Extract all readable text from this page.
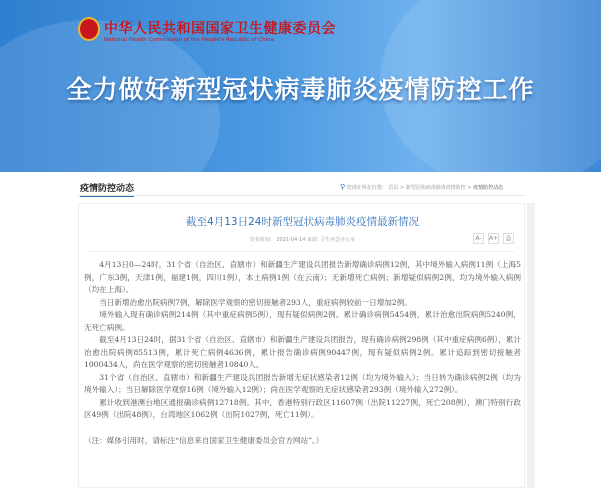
中华人民共和国国家卫生健康委员会
National Health Commission of the People's Republic of China
全力做好新型冠状病毒肺炎疫情防控工作
疫情防控动态	⚲ 您现在所在位置： 首页 > 新型冠状病毒肺炎疫情防控 > 疫情防控动态
截至4月13日24时新型冠状病毒肺炎疫情最新情况
发布时间： 2021-04-14 来源: 卫生应急办公室	A-	A+	⎙

4月13日0—24时，31个省（自治区、直辖市）和新疆生产建设兵团报告新增确诊病例12例，其中境外输入病例11例（上海5例，广东3例，天津1例，福建1例，四川1例），本土病例1例（在云南）；无新增死亡病例；新增疑似病例2例，均为境外输入病例（均在上海）。

当日新增治愈出院病例7例，解除医学观察的密切接触者293人，重症病例较前一日增加2例。

境外输入现有确诊病例214例（其中重症病例5例），现有疑似病例2例。累计确诊病例5454例，累计治愈出院病例5240例，无死亡病例。

截至4月13日24时，据31个省（自治区、直辖市）和新疆生产建设兵团报告，现有确诊病例298例（其中重症病例6例），累计治愈出院病例85513例，累计死亡病例4636例，累计报告确诊病例90447例，现有疑似病例2例。累计追踪到密切接触者1000434人，尚在医学观察的密切接触者10840人。

31个省（自治区、直辖市）和新疆生产建设兵团报告新增无症状感染者12例（均为境外输入）；当日转为确诊病例2例（均为境外输入）；当日解除医学观察16例（境外输入12例）；尚在医学观察的无症状感染者293例（境外输入272例）。

累计收到港澳台地区通报确诊病例12718例。其中，香港特别行政区11607例（出院11227例，死亡208例），澳门特别行政区49例（出院48例），台湾地区1062例（出院1027例，死亡11例）。

（注：媒体引用时，请标注“信息来自国家卫生健康委员会官方网站”。）
